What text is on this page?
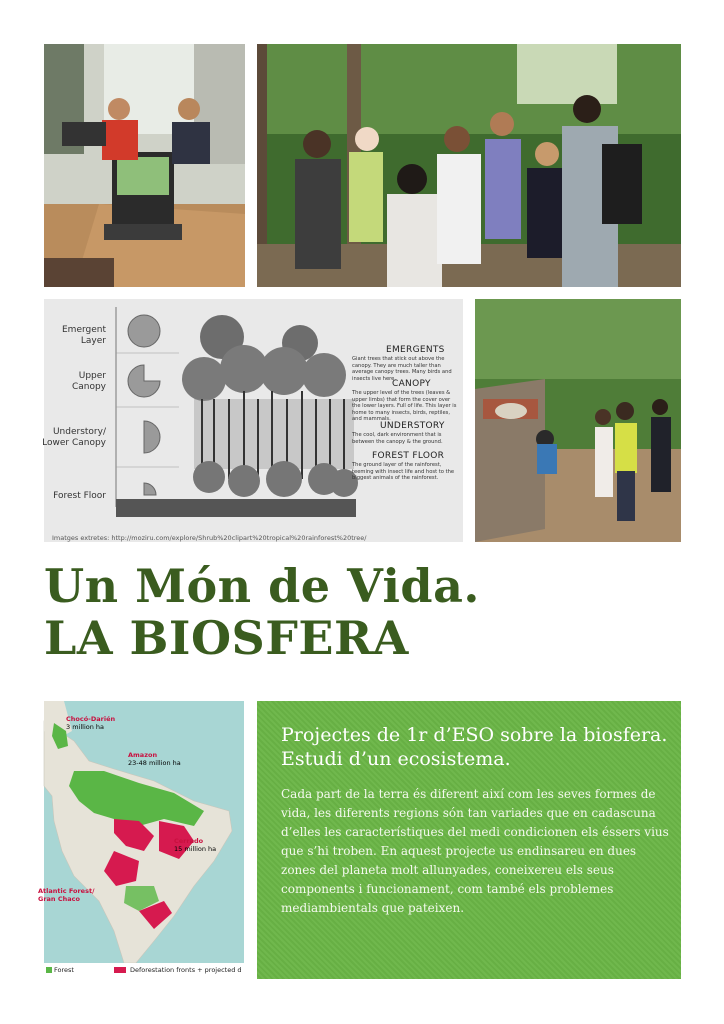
Emergent Layer
Upper Canopy
Understory/ Lower Canopy
Forest Floor
EMERGENTS
Giant trees that stick out above the canopy. They are much taller than average canopy trees. Many birds and insects live here.
CANOPY
The upper level of the trees (leaves & upper limbs) that form the cover over the lower layers. Full of life. This layer is home to many insects, birds, reptiles, and mammals.
UNDERSTORY
The cool, dark environment that is between the canopy & the ground.
FOREST FLOOR
The ground layer of the rainforest, teeming with insect life and host to the biggest animals of the rainforest.
Imatges extretes: http://moziru.com/explore/Shrub%20clipart%20tropical%20rainforest%20tree/
Un Món de Vida.
LA BIOSFERA
Chocó-Darién
3 million ha
Amazon
23-48 million ha
Cerrado
15 million ha
Atlantic Forest/
Gran Chaco
Forest	Deforestation fronts + projected d
Projectes de 1r d’ESO sobre la biosfera. Estudi d’un ecosistema.
Cada part de la terra és diferent així com les seves formes de vida, les diferents regions són tan variades que en cadascuna d’elles les característiques del medi condicionen els éssers vius que s’hi troben. En aquest projecte us endinsareu en dues zones del planeta molt allunyades, coneixereu els seus components i funcionament, com també els problemes mediambientals que pateixen.
